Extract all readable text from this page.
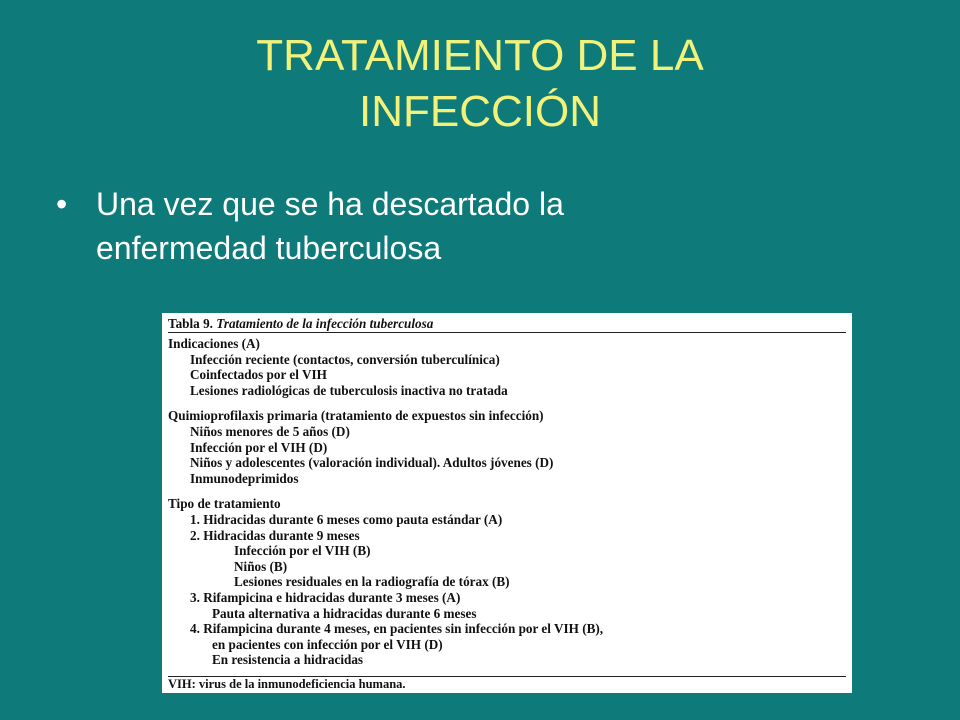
TRATAMIENTO DE LA
INFECCIÓN
• Una vez que se ha descartado la
enfermedad tuberculosa
Tabla 9. Tratamiento de la infección tuberculosa
Indicaciones (A)
Infección reciente (contactos, conversión tuberculínica)
Coinfectados por el VIH
Lesiones radiológicas de tuberculosis inactiva no tratada
Quimioprofilaxis primaria (tratamiento de expuestos sin infección)
Niños menores de 5 años (D)
Infección por el VIH (D)
Niños y adolescentes (valoración individual). Adultos jóvenes (D)
Inmunodeprimidos
Tipo de tratamiento
1. Hidracidas durante 6 meses como pauta estándar (A)
2. Hidracidas durante 9 meses
Infección por el VIH (B)
Niños (B)
Lesiones residuales en la radiografía de tórax (B)
3. Rifampicina e hidracidas durante 3 meses (A)
Pauta alternativa a hidracidas durante 6 meses
4. Rifampicina durante 4 meses, en pacientes sin infección por el VIH (B),
en pacientes con infección por el VIH (D)
En resistencia a hidracidas
VIH: virus de la inmunodeficiencia humana.
